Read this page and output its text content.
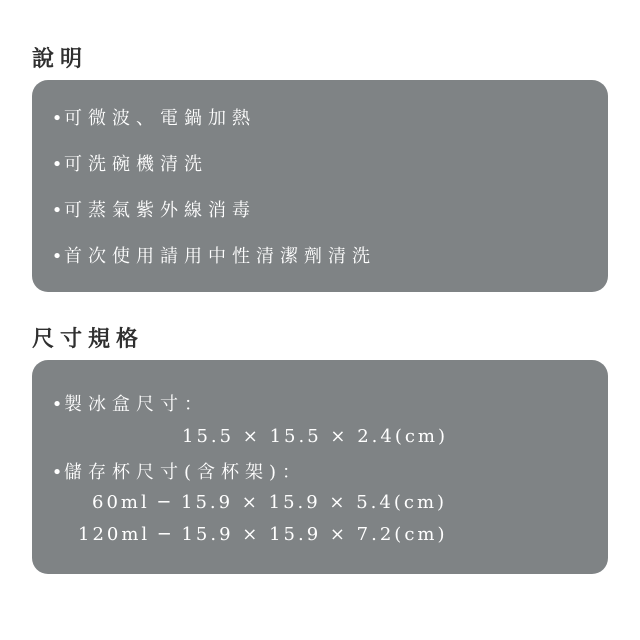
說明
•可微波、電鍋加熱
•可洗碗機清洗
•可蒸氣紫外線消毒
•首次使用請用中性清潔劑清洗
尺寸規格
•製冰盒尺寸：
15.5 × 15.5 × 2.4(cm)
•儲存杯尺寸(含杯架)：
60ml ─ 15.9 × 15.9 × 5.4(cm)
120ml ─ 15.9 × 15.9 × 7.2(cm)
